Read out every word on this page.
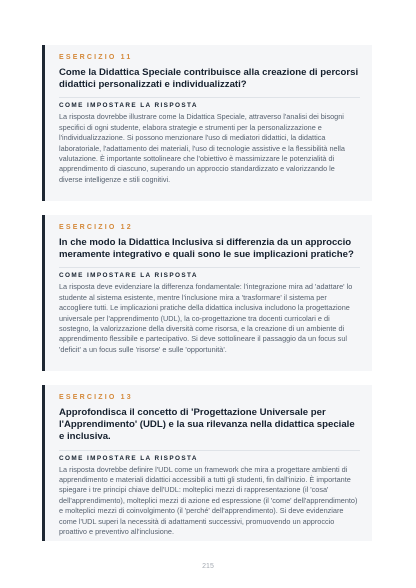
ESERCIZIO 11
Come la Didattica Speciale contribuisce alla creazione di percorsi didattici personalizzati e individualizzati?
COME IMPOSTARE LA RISPOSTA
La risposta dovrebbe illustrare come la Didattica Speciale, attraverso l'analisi dei bisogni specifici di ogni studente, elabora strategie e strumenti per la personalizzazione e l'individualizzazione. Si possono menzionare l'uso di mediatori didattici, la didattica laboratoriale, l'adattamento dei materiali, l'uso di tecnologie assistive e la flessibilità nella valutazione. È importante sottolineare che l'obiettivo è massimizzare le potenzialità di apprendimento di ciascuno, superando un approccio standardizzato e valorizzando le diverse intelligenze e stili cognitivi.
ESERCIZIO 12
In che modo la Didattica Inclusiva si differenzia da un approccio meramente integrativo e quali sono le sue implicazioni pratiche?
COME IMPOSTARE LA RISPOSTA
La risposta deve evidenziare la differenza fondamentale: l'integrazione mira ad 'adattare' lo studente al sistema esistente, mentre l'inclusione mira a 'trasformare' il sistema per accogliere tutti. Le implicazioni pratiche della didattica inclusiva includono la progettazione universale per l'apprendimento (UDL), la co-progettazione tra docenti curricolari e di sostegno, la valorizzazione della diversità come risorsa, e la creazione di un ambiente di apprendimento flessibile e partecipativo. Si deve sottolineare il passaggio da un focus sul 'deficit' a un focus sulle 'risorse' e sulle 'opportunità'.
ESERCIZIO 13
Approfondisca il concetto di 'Progettazione Universale per l'Apprendimento' (UDL) e la sua rilevanza nella didattica speciale e inclusiva.
COME IMPOSTARE LA RISPOSTA
La risposta dovrebbe definire l'UDL come un framework che mira a progettare ambienti di apprendimento e materiali didattici accessibili a tutti gli studenti, fin dall'inizio. È importante spiegare i tre principi chiave dell'UDL: molteplici mezzi di rappresentazione (il 'cosa' dell'apprendimento), molteplici mezzi di azione ed espressione (il 'come' dell'apprendimento) e molteplici mezzi di coinvolgimento (il 'perché' dell'apprendimento). Si deve evidenziare come l'UDL superi la necessità di adattamenti successivi, promuovendo un approccio proattivo e preventivo all'inclusione.
215
